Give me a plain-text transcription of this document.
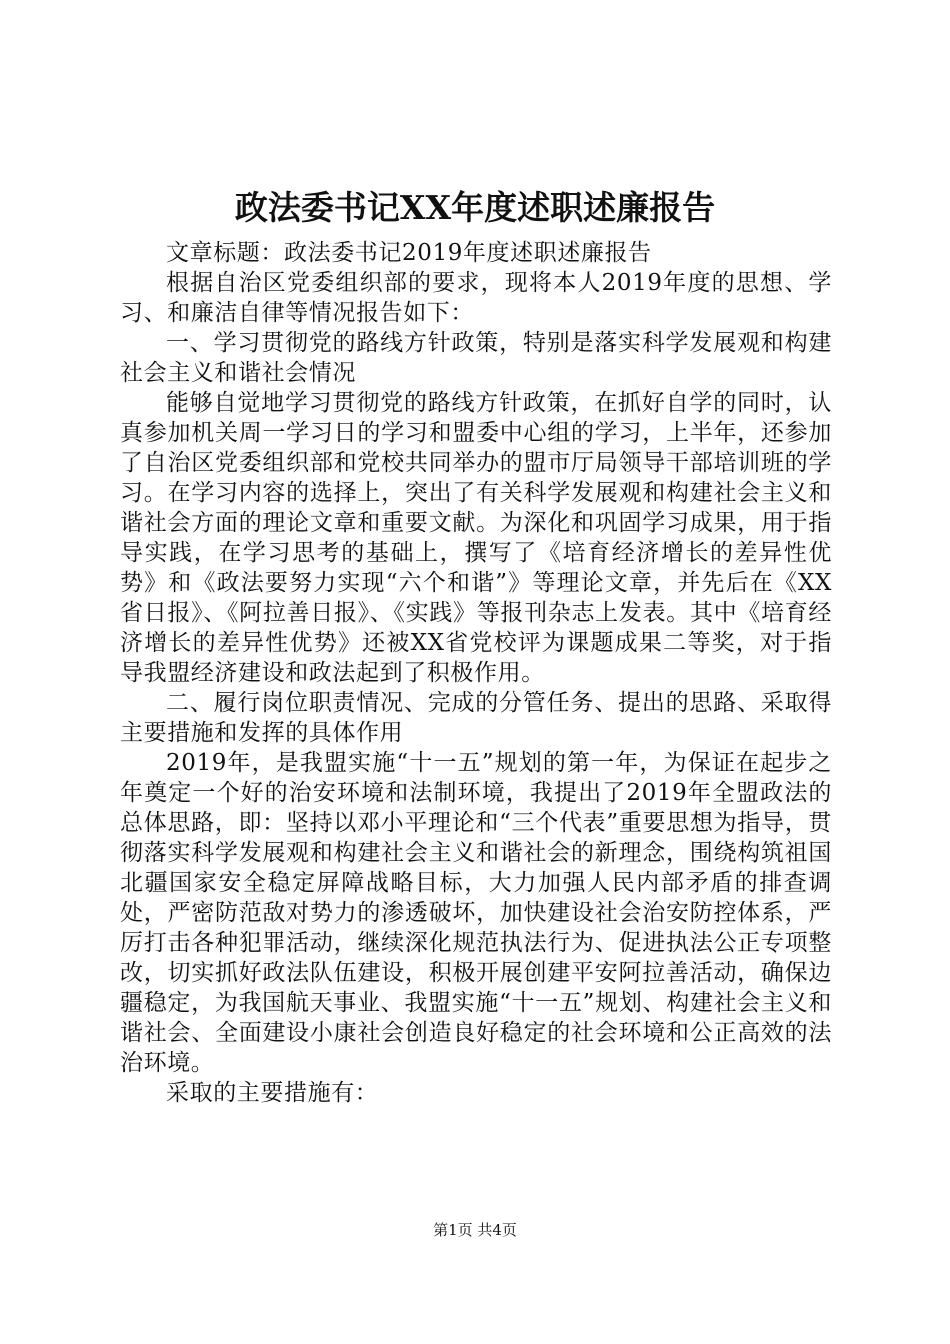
政法委书记XX年度述职述廉报告

文章标题：政法委书记2019年度述职述廉报告

根据自治区党委组织部的要求，现将本人2019年度的思想、学习、和廉洁自律等情况报告如下：

一、学习贯彻党的路线方针政策，特别是落实科学发展观和构建社会主义和谐社会情况

能够自觉地学习贯彻党的路线方针政策，在抓好自学的同时，认真参加机关周一学习日的学习和盟委中心组的学习，上半年，还参加了自治区党委组织部和党校共同举办的盟市厅局领导干部培训班的学习。在学习内容的选择上，突出了有关科学发展观和构建社会主义和谐社会方面的理论文章和重要文献。为深化和巩固学习成果，用于指导实践，在学习思考的基础上，撰写了《培育经济增长的差异性优势》和《政法要努力实现“六个和谐”》等理论文章，并先后在《XX省日报》、《阿拉善日报》、《实践》等报刊杂志上发表。其中《培育经济增长的差异性优势》还被XX省党校评为课题成果二等奖，对于指导我盟经济建设和政法起到了积极作用。

二、履行岗位职责情况、完成的分管任务、提出的思路、采取得主要措施和发挥的具体作用

2019年，是我盟实施“十一五”规划的第一年，为保证在起步之年奠定一个好的治安环境和法制环境，我提出了2019年全盟政法的总体思路，即：坚持以邓小平理论和“三个代表”重要思想为指导，贯彻落实科学发展观和构建社会主义和谐社会的新理念，围绕构筑祖国北疆国家安全稳定屏障战略目标，大力加强人民内部矛盾的排查调处，严密防范敌对势力的渗透破坏，加快建设社会治安防控体系，严厉打击各种犯罪活动，继续深化规范执法行为、促进执法公正专项整改，切实抓好政法队伍建设，积极开展创建平安阿拉善活动，确保边疆稳定，为我国航天事业、我盟实施“十一五”规划、构建社会主义和谐社会、全面建设小康社会创造良好稳定的社会环境和公正高效的法治环境。

采取的主要措施有：

第1页 共4页
